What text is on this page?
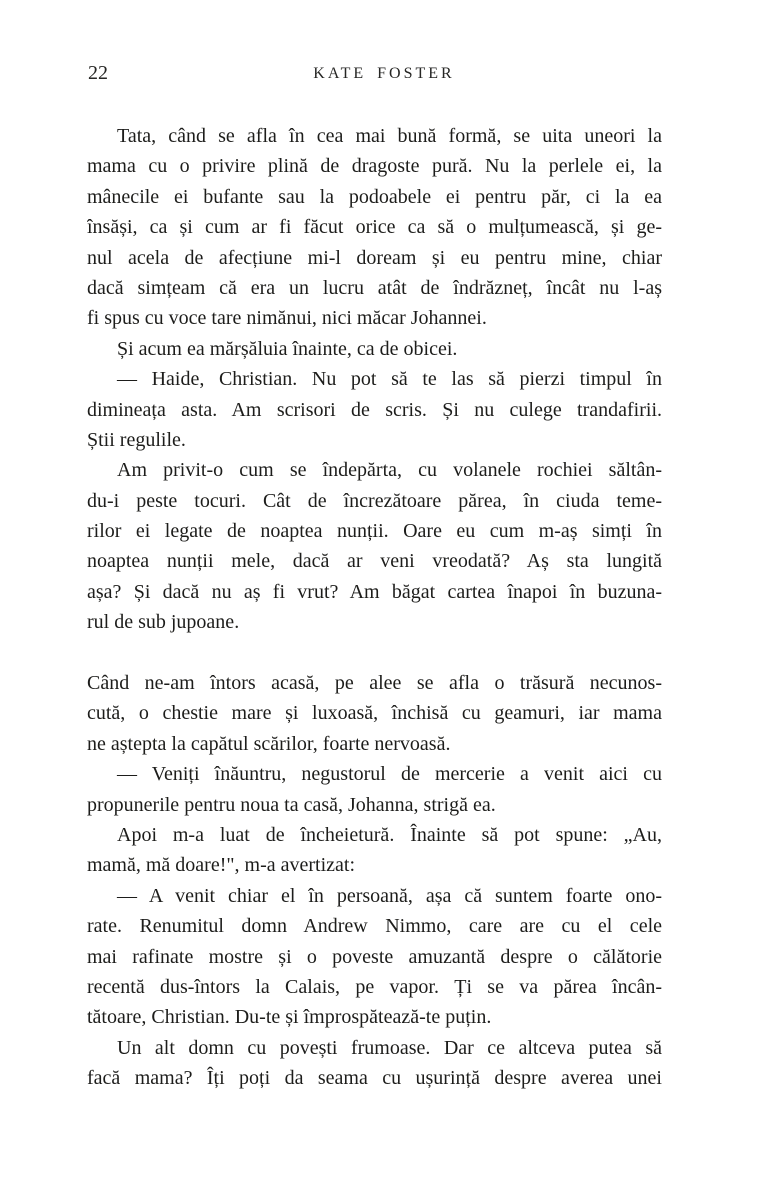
22	KATE FOSTER
Tata, când se afla în cea mai bună formă, se uita uneori la
mama cu o privire plină de dragoste pură. Nu la perlele ei, la
mânecile ei bufante sau la podoabele ei pentru păr, ci la ea
însăși, ca și cum ar fi făcut orice ca să o mulțumească, și ge-
nul acela de afecțiune mi-l doream și eu pentru mine, chiar
dacă simțeam că era un lucru atât de îndrăzneț, încât nu l-aș
fi spus cu voce tare nimănui, nici măcar Johannei.
Și acum ea mărșăluia înainte, ca de obicei.
— Haide, Christian. Nu pot să te las să pierzi timpul în
dimineața asta. Am scrisori de scris. Și nu culege trandafirii.
Știi regulile.
Am privit-o cum se îndepărta, cu volanele rochiei săltân-
du-i peste tocuri. Cât de încrezătoare părea, în ciuda teme-
rilor ei legate de noaptea nunții. Oare eu cum m-aș simți în
noaptea nunții mele, dacă ar veni vreodată? Aș sta lungită
așa? Și dacă nu aș fi vrut? Am băgat cartea înapoi în buzuna-
rul de sub jupoane.
Când ne-am întors acasă, pe alee se afla o trăsură necunos-
cută, o chestie mare și luxoasă, închisă cu geamuri, iar mama
ne aștepta la capătul scărilor, foarte nervoasă.
— Veniți înăuntru, negustorul de mercerie a venit aici cu
propunerile pentru noua ta casă, Johanna, strigă ea.
Apoi m-a luat de încheietură. Înainte să pot spune: „Au,
mamă, mă doare!", m-a avertizat:
— A venit chiar el în persoană, așa că suntem foarte ono-
rate. Renumitul domn Andrew Nimmo, care are cu el cele
mai rafinate mostre și o poveste amuzantă despre o călătorie
recentă dus-întors la Calais, pe vapor. Ți se va părea încân-
tătoare, Christian. Du-te și împrospătează-te puțin.
Un alt domn cu povești frumoase. Dar ce altceva putea să
facă mama? Îți poți da seama cu ușurință despre averea unei
